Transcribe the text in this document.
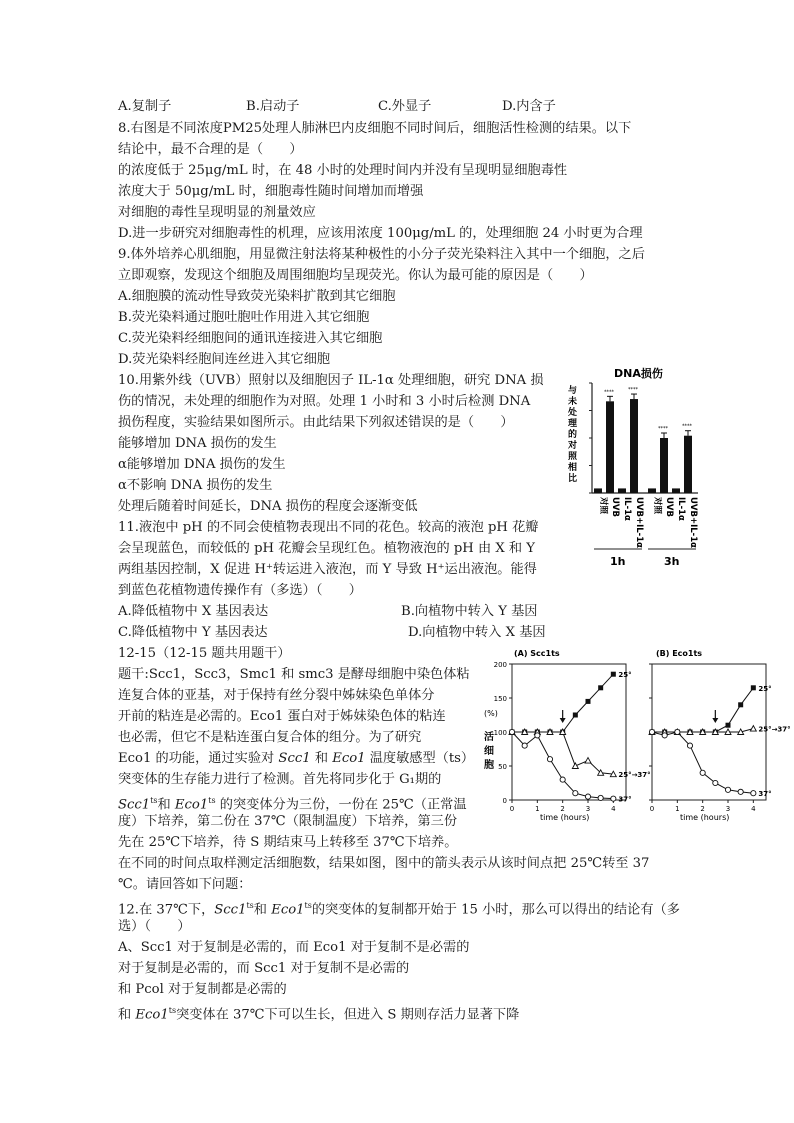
A.复制子	B.启动子	C.外显子	D.内含子
8.右图是不同浓度PM25处理人肺淋巴内皮细胞不同时间后，细胞活性检测的结果。以下
结论中，最不合理的是（　　）
的浓度低于 25μg/mL 时，在 48 小时的处理时间内并没有呈现明显细胞毒性
浓度大于 50μg/mL 时，细胞毒性随时间增加而增强
对细胞的毒性呈现明显的剂量效应
D.进一步研究对细胞毒性的机理，应该用浓度 100μg/mL 的，处理细胞 24 小时更为合理
9.体外培养心肌细胞，用显微注射法将某种极性的小分子荧光染料注入其中一个细胞，之后
立即观察，发现这个细胞及周围细胞均呈现荧光。你认为最可能的原因是（　　）
A.细胞膜的流动性导致荧光染料扩散到其它细胞
B.荧光染料通过胞吐胞吐作用进入其它细胞
C.荧光染料经细胞间的通讯连接进入其它细胞
D.荧光染料经胞间连丝进入其它细胞
10.用紫外线（UVB）照射以及细胞因子 IL-1α 处理细胞，研究 DNA 损
伤的情况，未处理的细胞作为对照。处理 1 小时和 3 小时后检测 DNA
损伤程度，实验结果如图所示。由此结果下列叙述错误的是（　　）
能够增加 DNA 损伤的发生
α能够增加 DNA 损伤的发生
α不影响 DNA 损伤的发生
处理后随着时间延长，DNA 损伤的程度会逐渐变低
11.液泡中 pH 的不同会使植物表现出不同的花色。较高的液泡 pH 花瓣
会呈现蓝色，而较低的 pH 花瓣会呈现红色。植物液泡的 pH 由 X 和 Y
两组基因控制，X 促进 H⁺转运进入液泡，而 Y 导致 H⁺运出液泡。能得
到蓝色花植物遗传操作有（多选）（　　）
A.降低植物中 X 基因表达	B.向植物中转入 Y 基因
C.降低植物中 Y 基因表达	D.向植物中转入 X 基因
12-15（12-15 题共用题干）
题干:Scc1，Scc3，Smc1 和 smc3 是酵母细胞中染色体粘
连复合体的亚基，对于保持有丝分裂中姊妹染色单体分
开前的粘连是必需的。Eco1 蛋白对于姊妹染色体的粘连
也必需，但它不是粘连蛋白复合体的组分。为了研究
Eco1 的功能，通过实验对 Scc1 和 Eco1 温度敏感型（ts）
突变体的生存能力进行了检测。首先将同步化于 G₁期的
$Scc1^{ts}$和 $Eco1^{ts}$ 的突变体分为三份，一份在 25℃（正常温
度）下培养，第二份在 37℃（限制温度）下培养，第三份
先在 25℃下培养，待 S 期结束马上转移至 37℃下培养。
在不同的时间点取样测定活细胞数，结果如图，图中的箭头表示从该时间点把 25℃转至 37
℃。请回答如下问题：
12.在 37℃下，$Scc1^{ts}$和 $Eco1^{ts}$的突变体的复制都开始于 15 小时，那么可以得出的结论有（多
选）（　　）
A、Scc1 对于复制是必需的，而 Eco1 对于复制不是必需的
对于复制是必需的，而 Scc1 对于复制不是必需的
和 Pcol 对于复制都是必需的
和 $Eco1^{ts}$突变体在 37℃下可以生长，但进入 S 期则存活力显著下降
DNA损伤
与
未
处
理
的
对
照
相
比
****	****
****	****
对照 UVB IL-1α UVB+IL-1α 对照 UVB IL-1α UVB+IL-1α
1h	3h
(A) Scc1ts	(B) Eco1ts
(%)
活
细
胞
200
150
100
50
0
0	1	2	3	4
25°
25°→37°
37°
0	1	2	3	4
25°
25°→37°
37°
time (hours)	time (hours)
